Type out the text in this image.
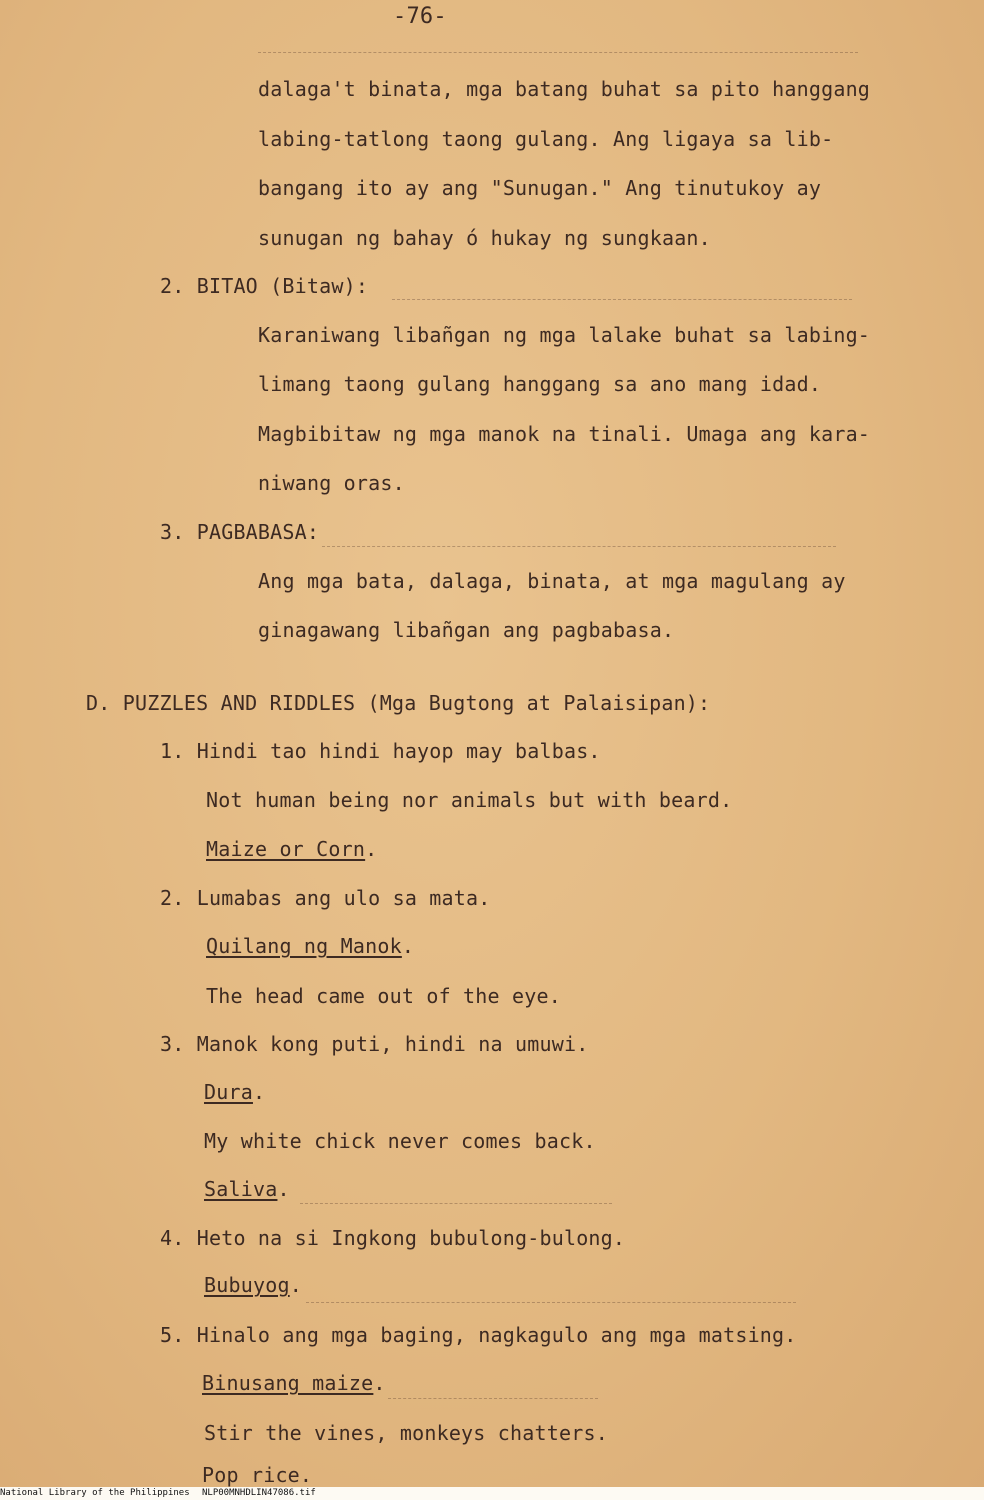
-76-
dalaga't binata, mga batang buhat sa pito hanggang
labing-tatlong taong gulang. Ang ligaya sa lib-
bangang ito ay ang "Sunugan." Ang tinutukoy ay
sunugan ng bahay ó hukay ng sungkaan.
2. BITAO (Bitaw):
Karaniwang libañgan ng mga lalake buhat sa labing-
limang taong gulang hanggang sa ano mang idad.
Magbibitaw ng mga manok na tinali. Umaga ang kara-
niwang oras.
3. PAGBABASA:
Ang mga bata, dalaga, binata, at mga magulang ay
ginagawang libañgan ang pagbabasa.
D. PUZZLES AND RIDDLES (Mga Bugtong at Palaisipan):
1. Hindi tao hindi hayop may balbas.
Not human being nor animals but with beard.
Maize or Corn.
2. Lumabas ang ulo sa mata.
Quilang ng Manok.
The head came out of the eye.
3. Manok kong puti, hindi na umuwi.
Dura.
My white chick never comes back.
Saliva.
4. Heto na si Ingkong bubulong-bulong.
Bubuyog.
5. Hinalo ang mga baging, nagkagulo ang mga matsing.
Binusang maize.
Stir the vines, monkeys chatters.
Pop rice.
National Library of the Philippines NLP00MNHDLIN47086.tif
